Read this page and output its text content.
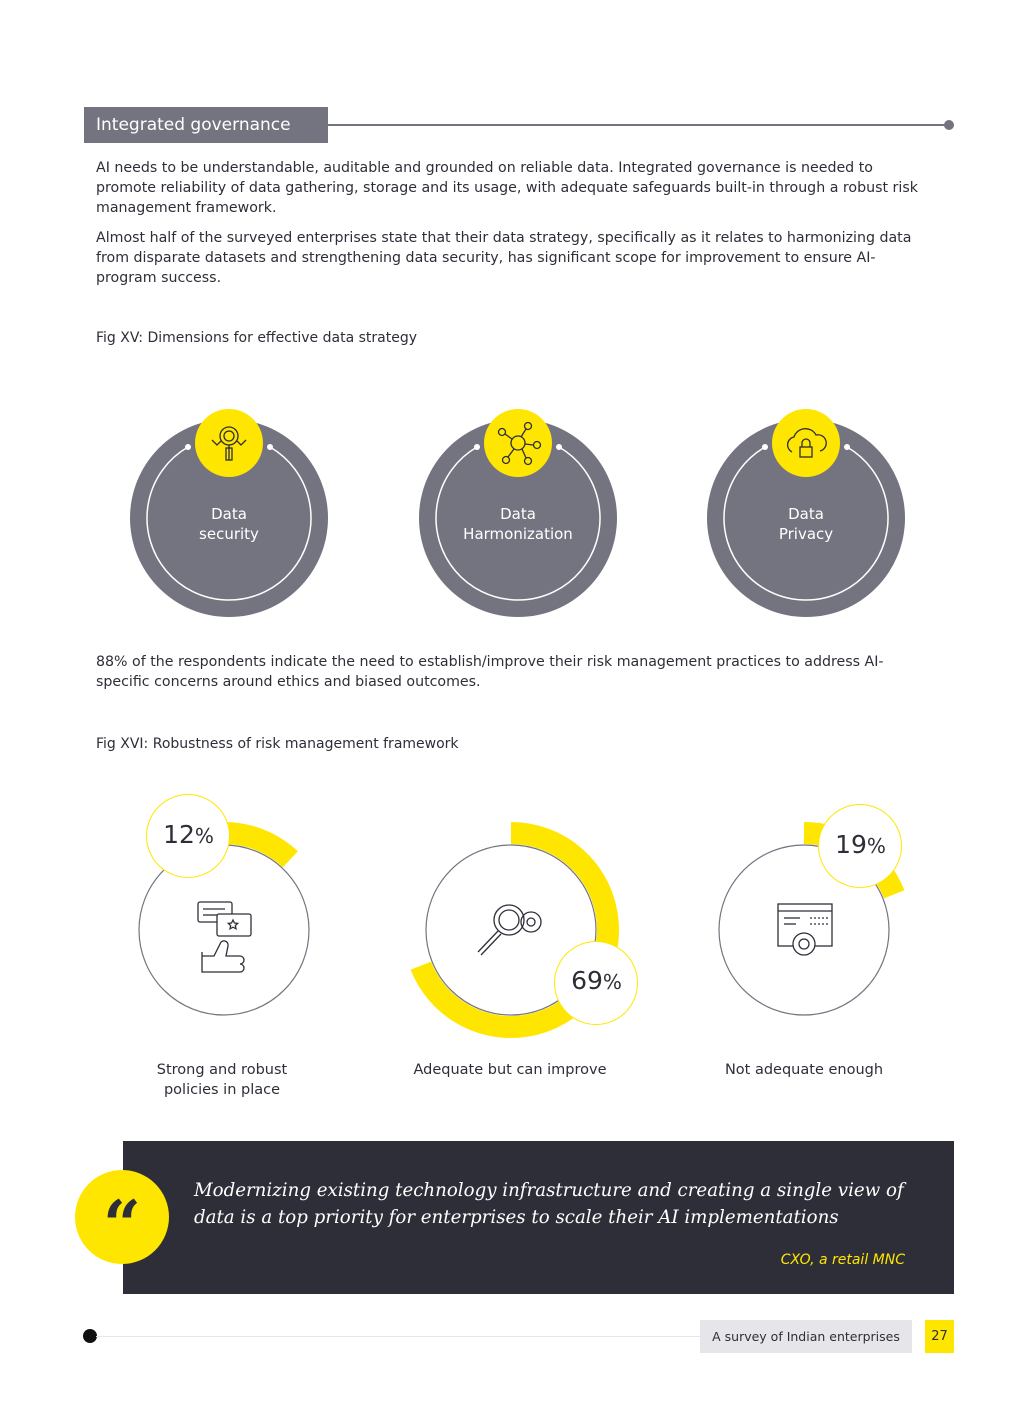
Integrated governance

AI needs to be understandable, auditable and grounded on reliable data. Integrated governance is needed to promote reliability of data gathering, storage and its usage, with adequate safeguards built-in through a robust risk management framework.

Almost half of the surveyed enterprises state that their data strategy, specifically as it relates to harmonizing data from disparate datasets and strengthening data security, has significant scope for improvement to ensure AI-program success.

Fig XV: Dimensions for effective data strategy
Data
security
Data
Harmonization
Data
Privacy

88% of the respondents indicate the need to establish/improve their risk management practices to address AI-specific concerns around ethics and biased outcomes.

Fig XVI: Robustness of risk management framework
12%
69%
19%
Strong and robust
policies in place
Adequate but can improve	Not adequate enough
“	Modernizing existing technology infrastructure and creating a single view of data is a top priority for enterprises to scale their AI implementations
CXO, a retail MNC
A survey of Indian enterprises	27
